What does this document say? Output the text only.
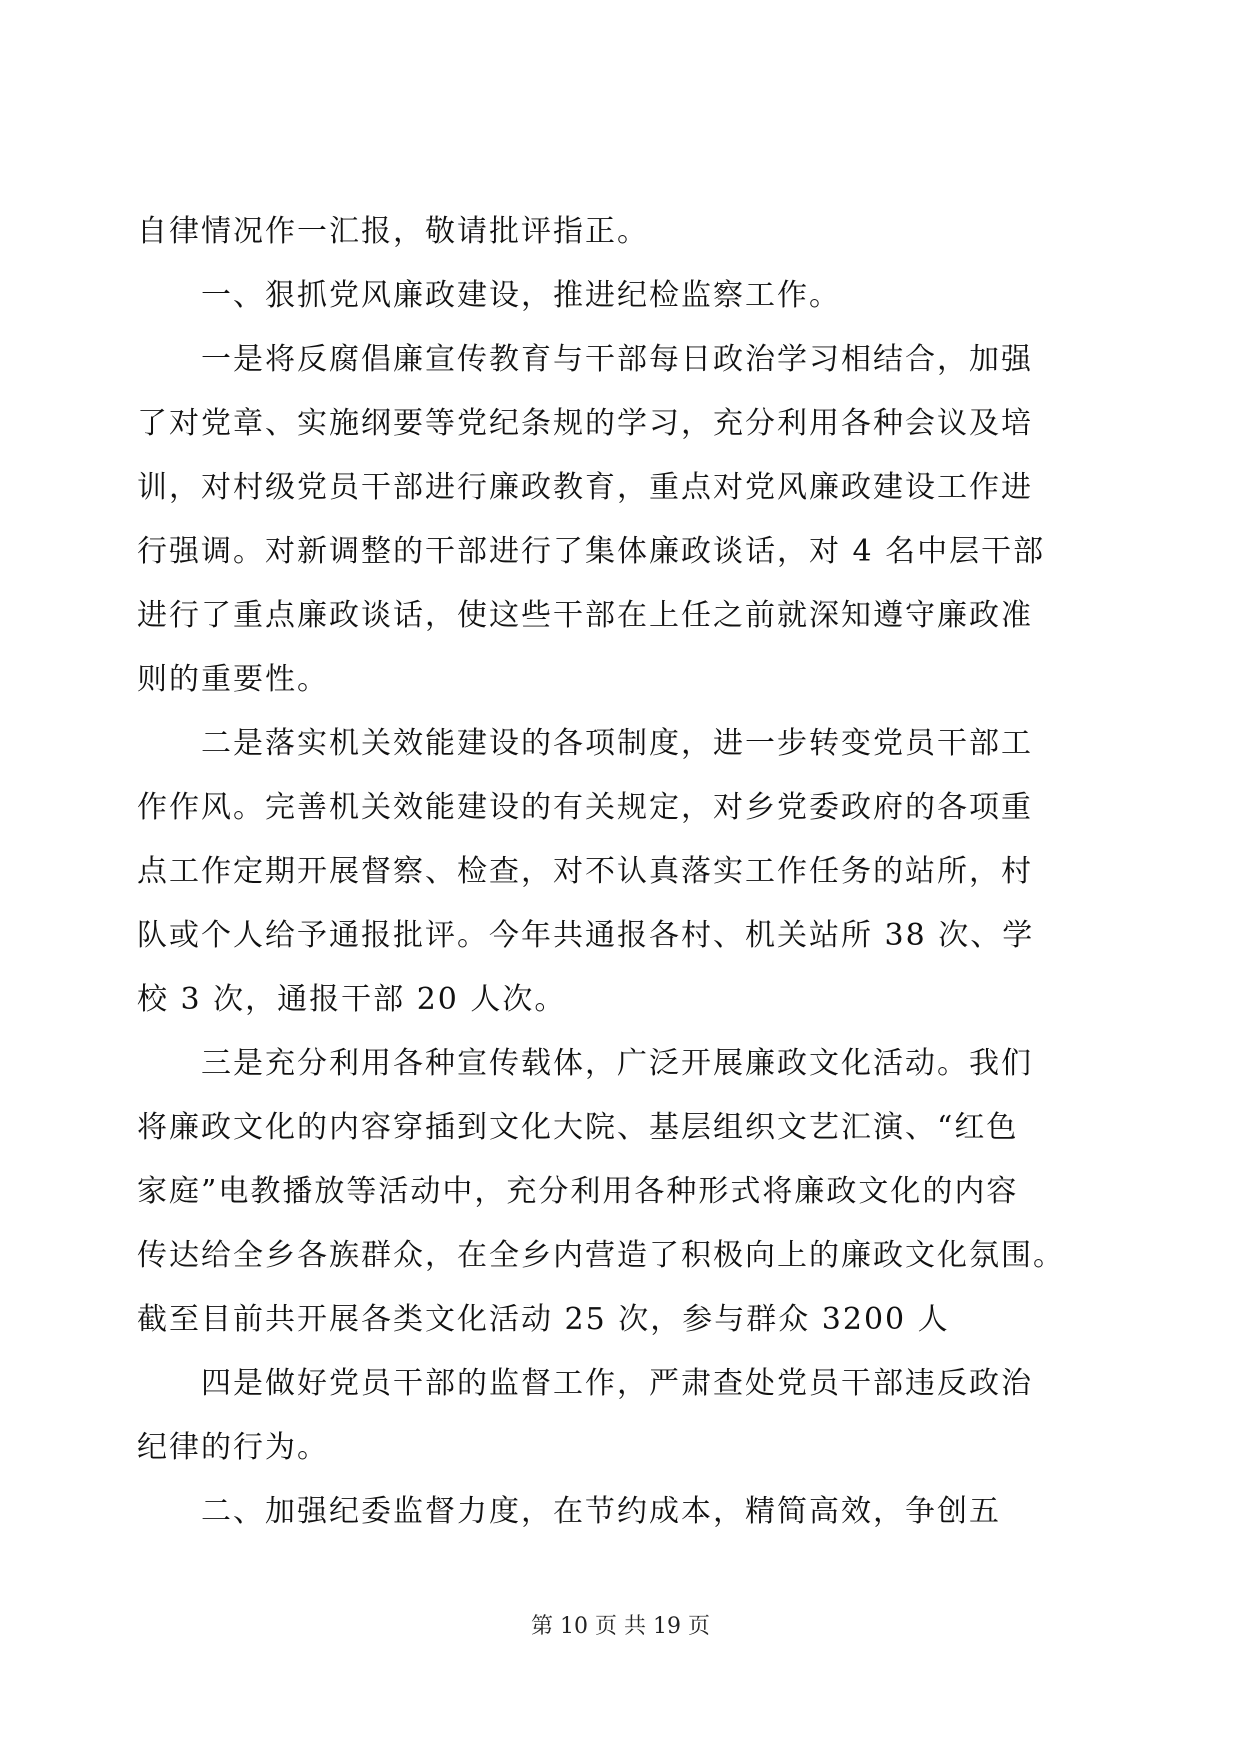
自律情况作一汇报，敬请批评指正。
　　一、狠抓党风廉政建设，推进纪检监察工作。
　　一是将反腐倡廉宣传教育与干部每日政治学习相结合，加强
了对党章、实施纲要等党纪条规的学习，充分利用各种会议及培
训，对村级党员干部进行廉政教育，重点对党风廉政建设工作进
行强调。对新调整的干部进行了集体廉政谈话，对 4 名中层干部
进行了重点廉政谈话，使这些干部在上任之前就深知遵守廉政准
则的重要性。
　　二是落实机关效能建设的各项制度，进一步转变党员干部工
作作风。完善机关效能建设的有关规定，对乡党委政府的各项重
点工作定期开展督察、检查，对不认真落实工作任务的站所，村
队或个人给予通报批评。今年共通报各村、机关站所 38 次、学
校 3 次，通报干部 20 人次。
　　三是充分利用各种宣传载体，广泛开展廉政文化活动。我们
将廉政文化的内容穿插到文化大院、基层组织文艺汇演、“红色
家庭”电教播放等活动中，充分利用各种形式将廉政文化的内容
传达给全乡各族群众，在全乡内营造了积极向上的廉政文化氛围。
截至目前共开展各类文化活动 25 次，参与群众 3200 人
　　四是做好党员干部的监督工作，严肃查处党员干部违反政治
纪律的行为。
　　二、加强纪委监督力度，在节约成本，精简高效，争创五
第 10 页 共 19 页
